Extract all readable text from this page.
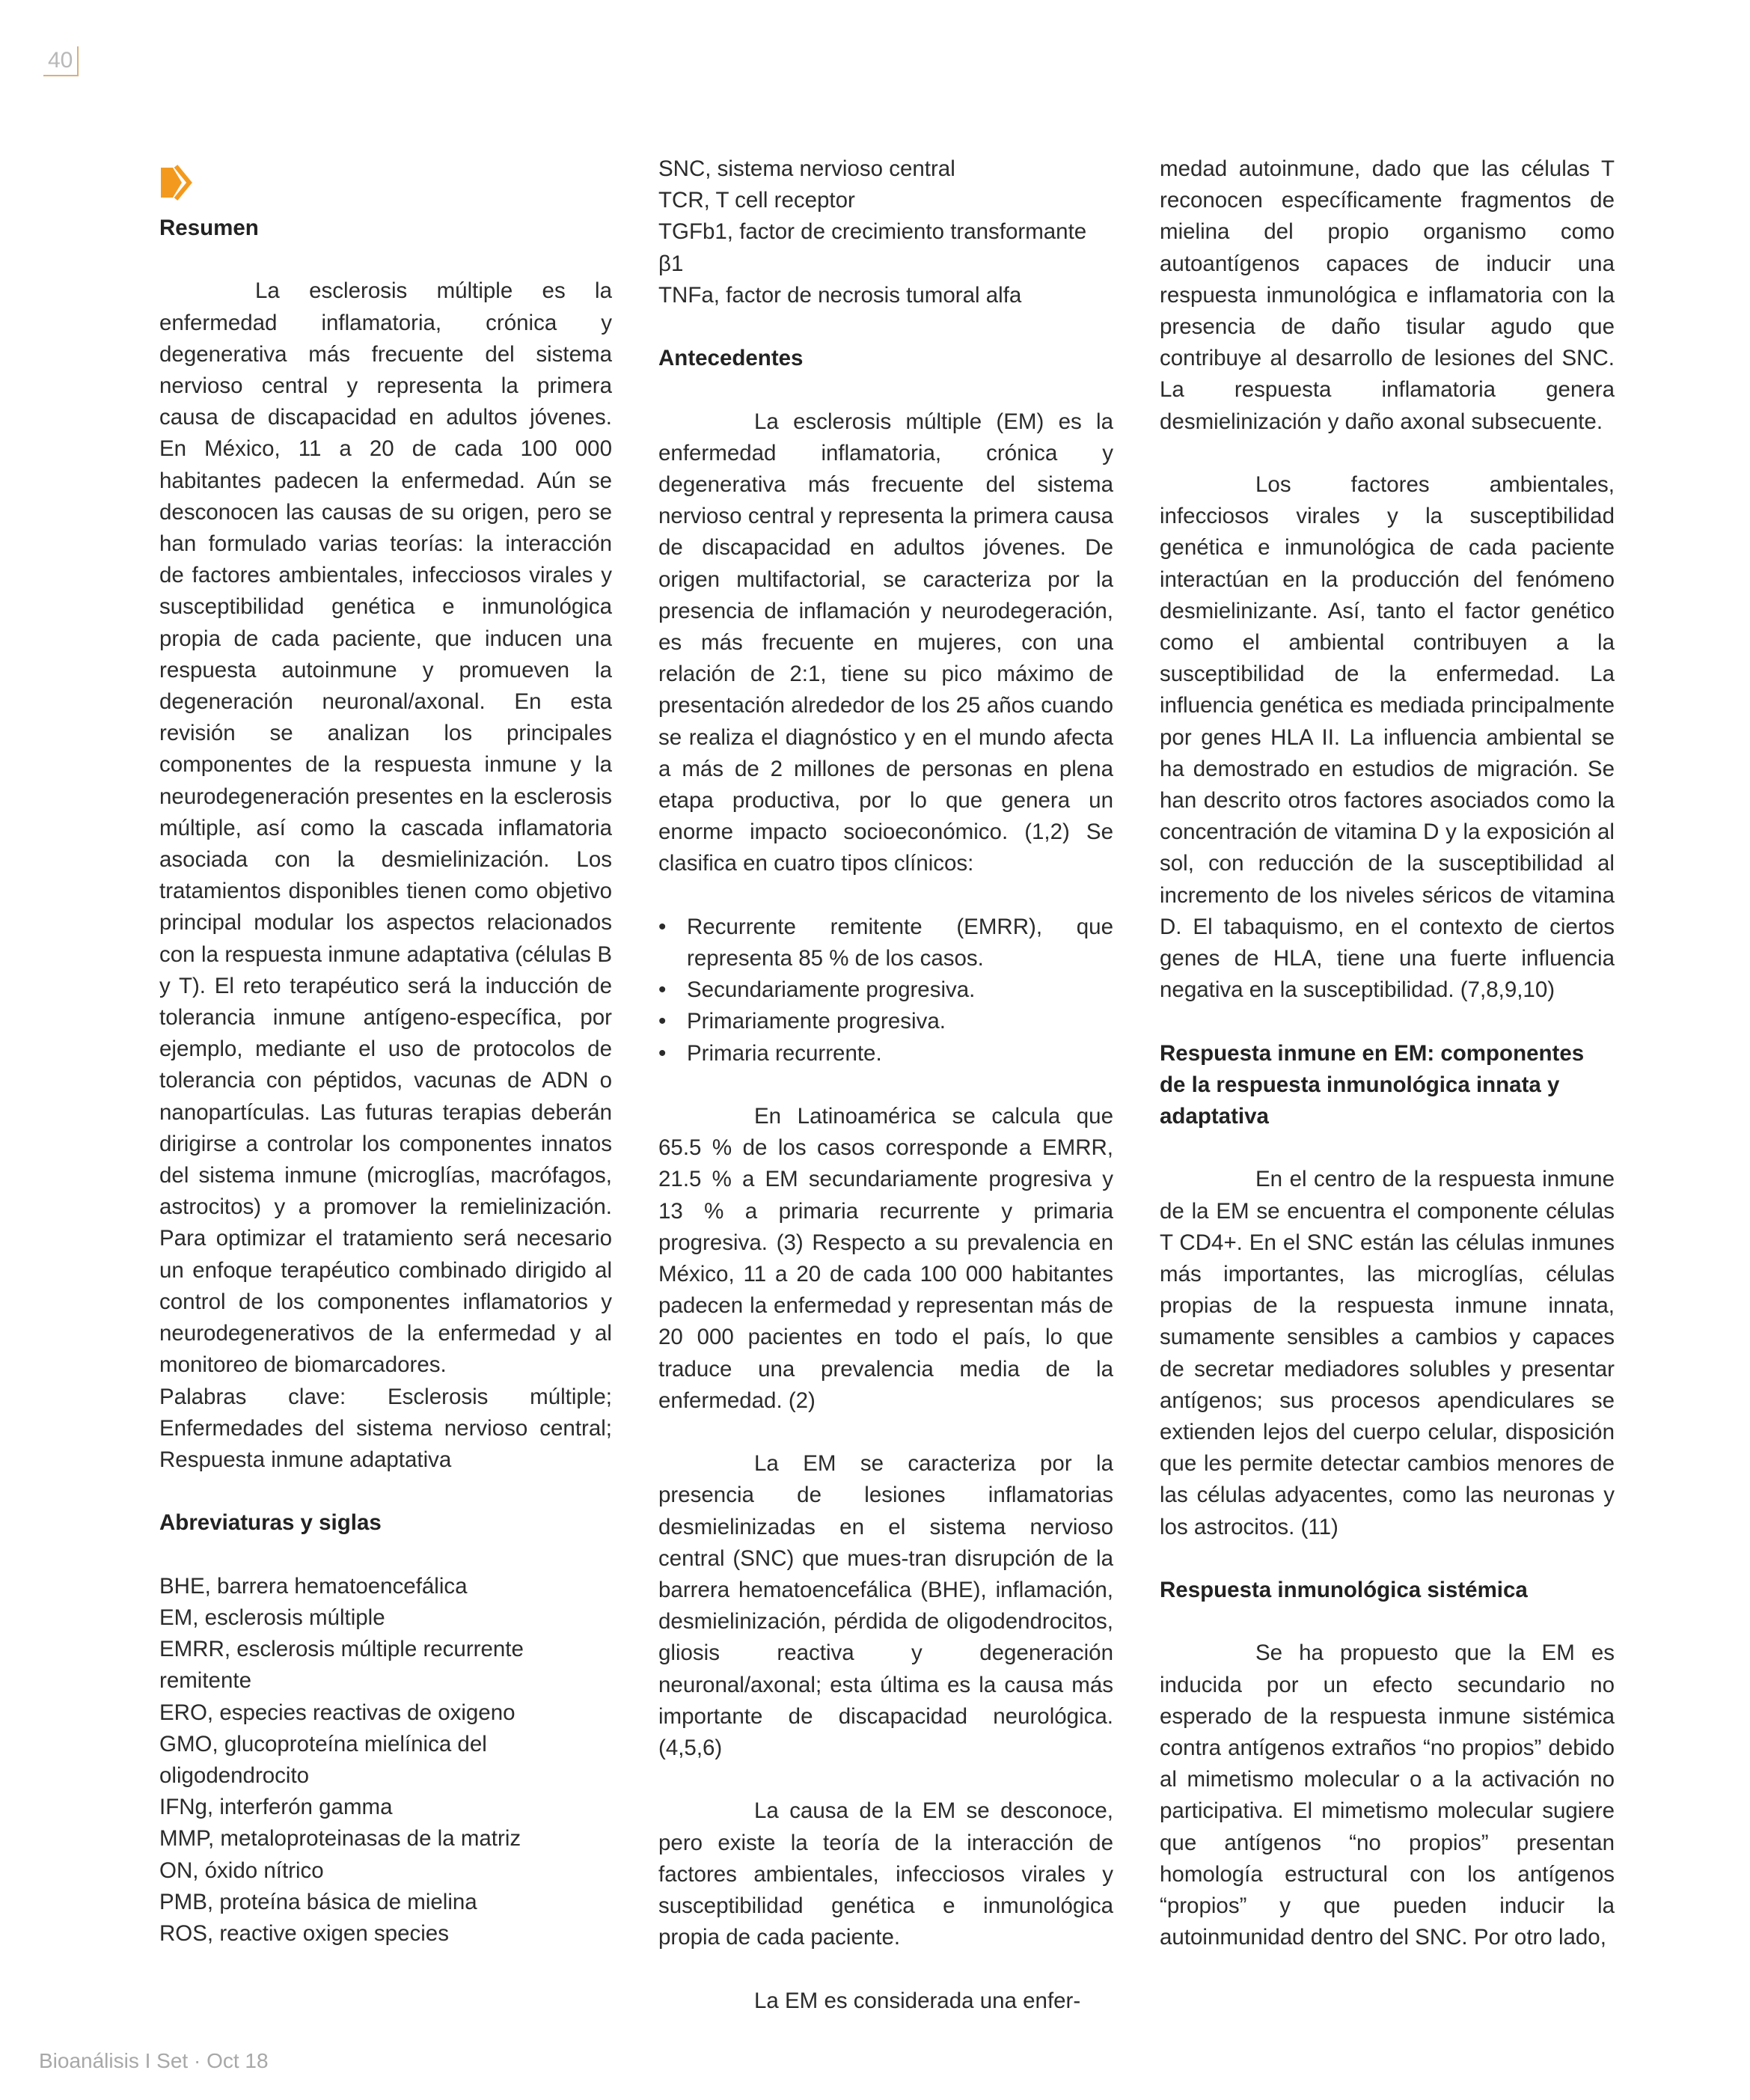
40
Resumen

La esclerosis múltiple es la enfermedad inflamatoria, crónica y degenerativa más frecuente del sistema nervioso central y representa la primera causa de discapacidad en adultos jóvenes. En México, 11 a 20 de cada 100 000 habitantes padecen la enfermedad. Aún se desconocen las causas de su origen, pero se han formulado varias teorías: la interacción de factores ambientales, infecciosos virales y susceptibilidad genética e inmunológica propia de cada paciente, que inducen una respuesta autoinmune y promueven la degeneración neuronal/axonal. En esta revisión se analizan los principales componentes de la respuesta inmune y la neurodegeneración presentes en la esclerosis múltiple, así como la cascada inflamatoria asociada con la desmielinización. Los tratamientos disponibles tienen como objetivo principal modular los aspectos relacionados con la respuesta inmune adaptativa (células B y T). El reto terapéutico será la inducción de tolerancia inmune antígeno-específica, por ejemplo, mediante el uso de protocolos de tolerancia con péptidos, vacunas de ADN o nanopartículas. Las futuras terapias deberán dirigirse a controlar los componentes innatos del sistema inmune (microglías, macrófagos, astrocitos) y a promover la remielinización. Para optimizar el tratamiento será necesario un enfoque terapéutico combinado dirigido al control de los componentes inflamatorios y neurodegenerativos de la enfermedad y al monitoreo de biomarcadores.

Palabras clave: Esclerosis múltiple; Enfermedades del sistema nervioso central; Respuesta inmune adaptativa

Abreviaturas y siglas
BHE, barrera hematoencefálica
EM, esclerosis múltiple
EMRR, esclerosis múltiple recurrente remitente
ERO, especies reactivas de oxigeno
GMO, glucoproteína mielínica del oligodendrocito
IFNg, interferón gamma
MMP, metaloproteinasas de la matriz
ON, óxido nítrico
PMB, proteína básica de mielina
ROS, reactive oxigen species
SNC, sistema nervioso central
TCR, T cell receptor
TGFb1, factor de crecimiento transformante β1
TNFa, factor de necrosis tumoral alfa
Antecedentes

La esclerosis múltiple (EM) es la enfermedad inflamatoria, crónica y degenerativa más frecuente del sistema nervioso central y representa la primera causa de discapacidad en adultos jóvenes. De origen multifactorial, se caracteriza por la presencia de inflamación y neurodegeración, es más frecuente en mujeres, con una relación de 2:1, tiene su pico máximo de presentación alrededor de los 25 años cuando se realiza el diagnóstico y en el mundo afecta a más de 2 millones de personas en plena etapa productiva, por lo que genera un enorme impacto socioeconómico. (1,2) Se clasifica en cuatro tipos clínicos:

• Recurrente remitente (EMRR), que representa 85 % de los casos.
• Secundariamente progresiva.
• Primariamente progresiva.
• Primaria recurrente.

En Latinoamérica se calcula que 65.5 % de los casos corresponde a EMRR, 21.5 % a EM secundariamente progresiva y 13 % a primaria recurrente y primaria progresiva. (3) Respecto a su prevalencia en México, 11 a 20 de cada 100 000 habitantes padecen la enfermedad y representan más de 20 000 pacientes en todo el país, lo que traduce una prevalencia media de la enfermedad. (2)

La EM se caracteriza por la presencia de lesiones inflamatorias desmielinizadas en el sistema nervioso central (SNC) que mues-tran disrupción de la barrera hematoencefálica (BHE), inflamación, desmielinización, pérdida de oligodendrocitos, gliosis reactiva y degeneración neuronal/axonal; esta última es la causa más importante de discapacidad neurológica. (4,5,6)

La causa de la EM se desconoce, pero existe la teoría de la interacción de factores ambientales, infecciosos virales y susceptibilidad genética e inmunológica propia de cada paciente.

La EM es considerada una enfer-

medad autoinmune, dado que las células T reconocen específicamente fragmentos de mielina del propio organismo como autoantígenos capaces de inducir una respuesta inmunológica e inflamatoria con la presencia de daño tisular agudo que contribuye al desarrollo de lesiones del SNC. La respuesta inflamatoria genera desmielinización y daño axonal subsecuente.

Los factores ambientales, infecciosos virales y la susceptibilidad genética e inmunológica de cada paciente interactúan en la producción del fenómeno desmielinizante. Así, tanto el factor genético como el ambiental contribuyen a la susceptibilidad de la enfermedad. La influencia genética es mediada principalmente por genes HLA II. La influencia ambiental se ha demostrado en estudios de migración. Se han descrito otros factores asociados como la concentración de vitamina D y la exposición al sol, con reducción de la susceptibilidad al incremento de los niveles séricos de vitamina D. El tabaquismo, en el contexto de ciertos genes de HLA, tiene una fuerte influencia negativa en la susceptibilidad. (7,8,9,10)

Respuesta inmune en EM: componentes de la respuesta inmunológica innata y adaptativa

En el centro de la respuesta inmune de la EM se encuentra el componente células T CD4+. En el SNC están las células inmunes más importantes, las microglías, células propias de la respuesta inmune innata, sumamente sensibles a cambios y capaces de secretar mediadores solubles y presentar antígenos; sus procesos apendiculares se extienden lejos del cuerpo celular, disposición que les permite detectar cambios menores de las células adyacentes, como las neuronas y los astrocitos. (11)

Respuesta inmunológica sistémica

Se ha propuesto que la EM es inducida por un efecto secundario no esperado de la respuesta inmune sistémica contra antígenos extraños “no propios” debido al mimetismo molecular o a la activación no participativa. El mimetismo molecular sugiere que antígenos “no propios” presentan homología estructural con los antígenos “propios” y que pueden inducir la autoinmunidad dentro del SNC. Por otro lado,

Bioanálisis I Set · Oct 18
